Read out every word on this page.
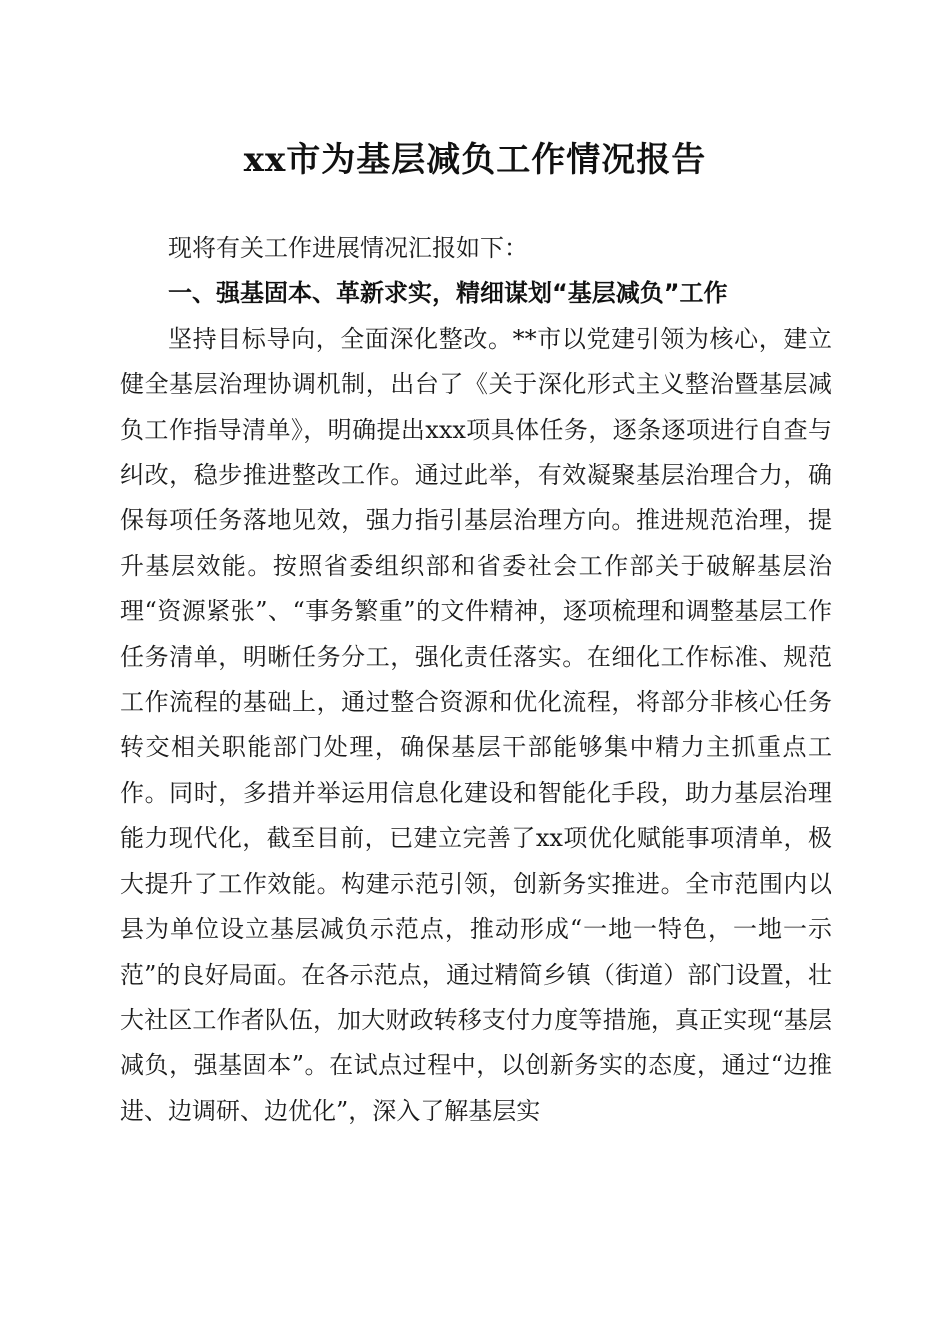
xx市为基层减负工作情况报告

现将有关工作进展情况汇报如下：

一、强基固本、革新求实，精细谋划“基层减负”工作

坚持目标导向，全面深化整改。**市以党建引领为核心，建立健全基层治理协调机制，出台了《关于深化形式主义整治暨基层减负工作指导清单》，明确提出xxx项具体任务，逐条逐项进行自查与纠改，稳步推进整改工作。通过此举，有效凝聚基层治理合力，确保每项任务落地见效，强力指引基层治理方向。推进规范治理，提升基层效能。按照省委组织部和省委社会工作部关于破解基层治理“资源紧张”、“事务繁重”的文件精神，逐项梳理和调整基层工作任务清单，明晰任务分工，强化责任落实。在细化工作标准、规范工作流程的基础上，通过整合资源和优化流程，将部分非核心任务转交相关职能部门处理，确保基层干部能够集中精力主抓重点工作。同时，多措并举运用信息化建设和智能化手段，助力基层治理能力现代化，截至目前，已建立完善了xx项优化赋能事项清单，极大提升了工作效能。构建示范引领，创新务实推进。全市范围内以县为单位设立基层减负示范点，推动形成“一地一特色，一地一示范”的良好局面。在各示范点，通过精简乡镇（街道）部门设置，壮大社区工作者队伍，加大财政转移支付力度等措施，真正实现“基层减负，强基固本”。在试点过程中，以创新务实的态度，通过“边推进、边调研、边优化”，深入了解基层实
